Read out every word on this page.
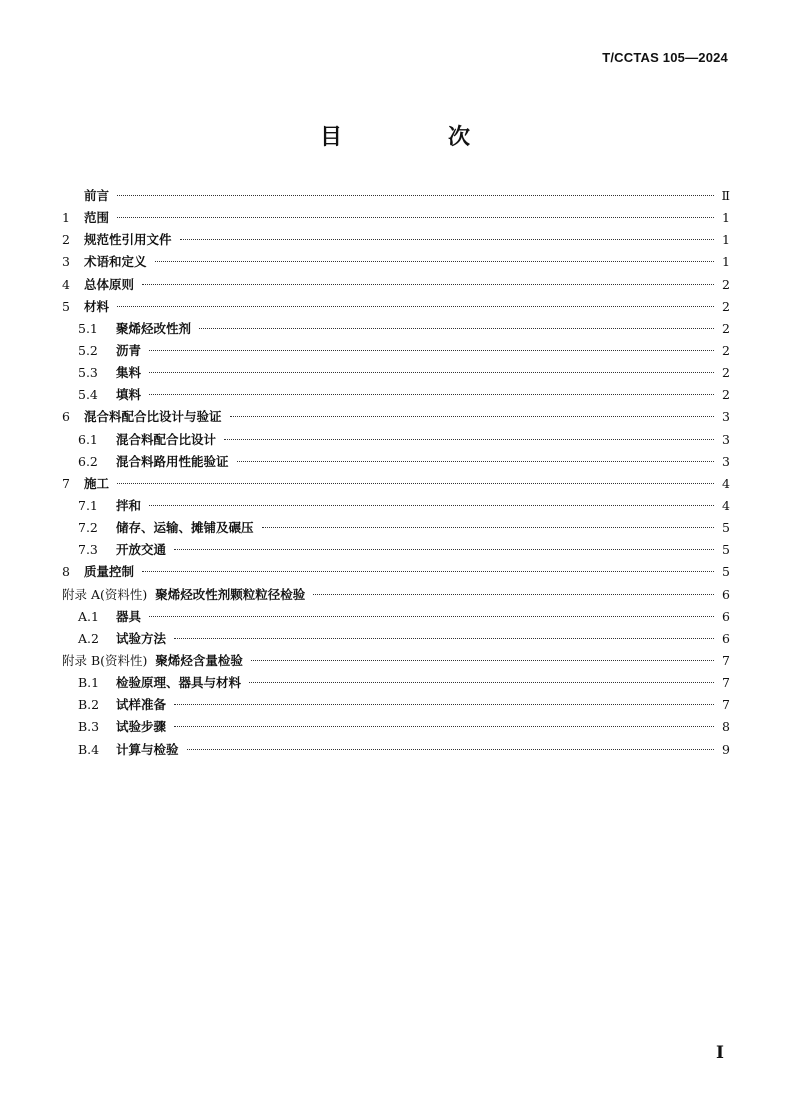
T/CCTAS 105—2024
目　次
前言	Ⅱ
1	范围	1
2	规范性引用文件	1
3	术语和定义	1
4	总体原则	2
5	材料	2
5.1	聚烯烃改性剂	2
5.2	沥青	2
5.3	集料	2
5.4	填料	2
6	混合料配合比设计与验证	3
6.1	混合料配合比设计	3
6.2	混合料路用性能验证	3
7	施工	4
7.1	拌和	4
7.2	储存、运输、摊铺及碾压	5
7.3	开放交通	5
8	质量控制	5
附录 A(资料性) 聚烯烃改性剂颗粒粒径检验	6
A.1	器具	6
A.2	试验方法	6
附录 B(资料性) 聚烯烃含量检验	7
B.1	检验原理、器具与材料	7
B.2	试样准备	7
B.3	试验步骤	8
B.4	计算与检验	9
I
